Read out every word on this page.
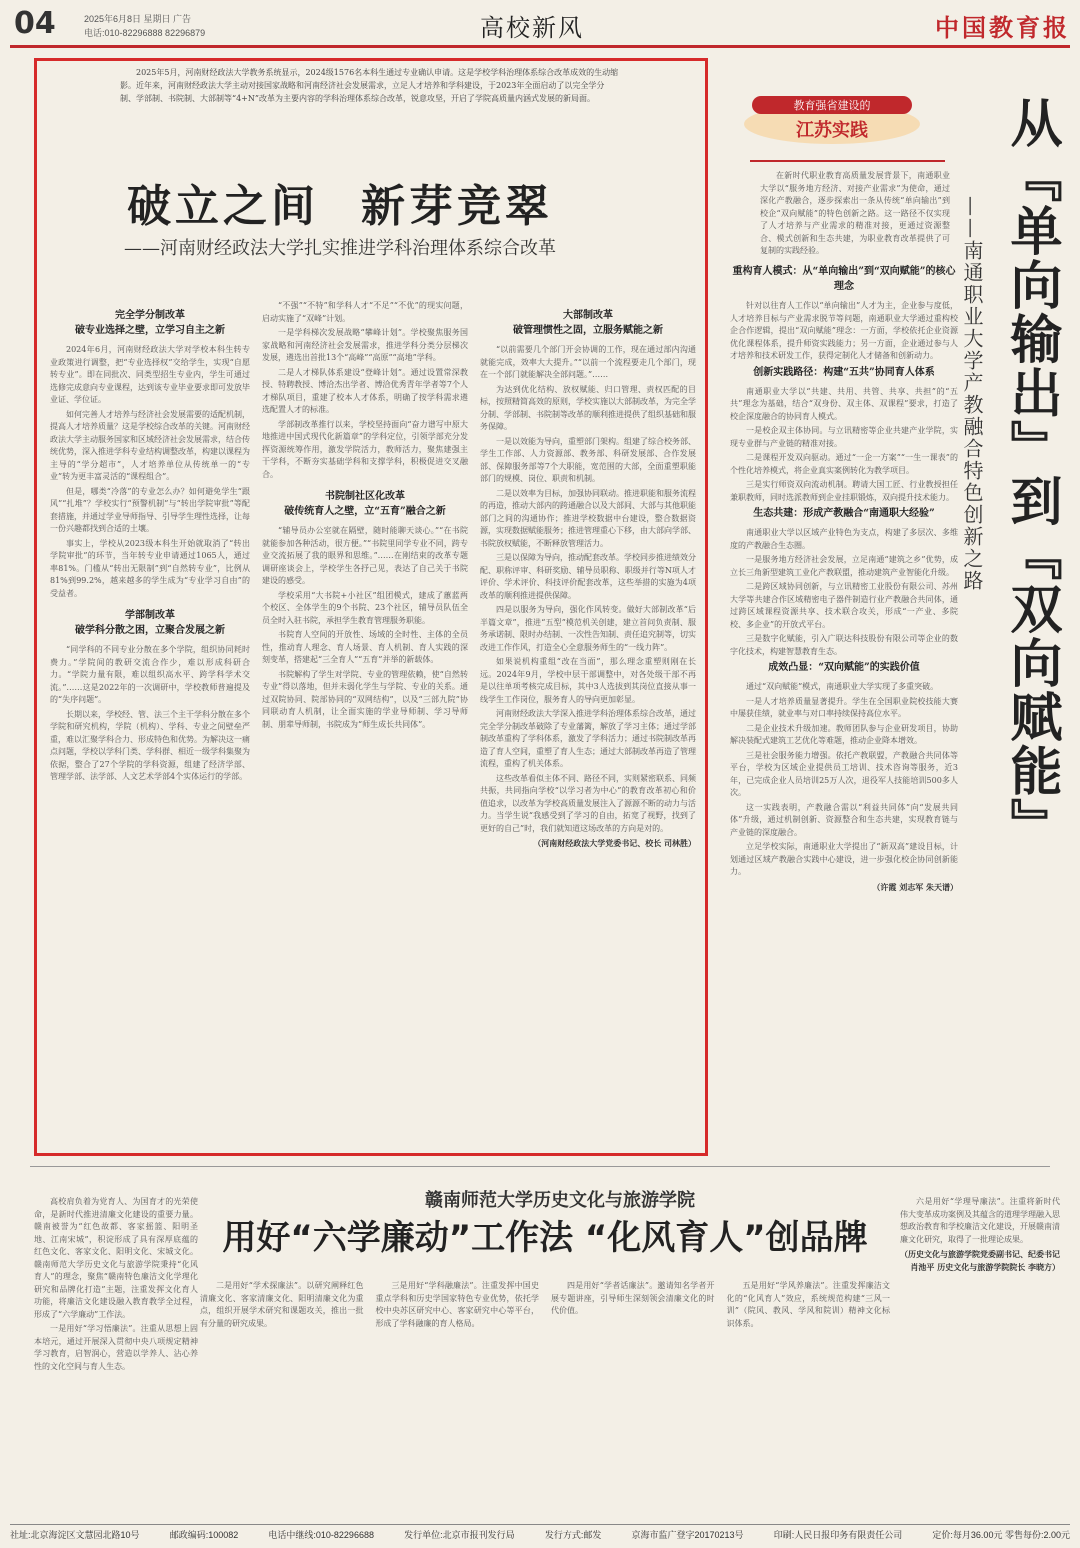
04	2025年6月8日 星期日 广告
电话:010-82296888 82296879	高校新风	中国教育报
2025年5月，河南财经政法大学教务系统显示，2024级1576名本科生通过专业确认申请。这是学校学科治理体系综合改革成效的生动缩影。近年来，河南财经政法大学主动对接国家战略和河南经济社会发展需求，立足人才培养和学科建设，于2023年全面启动了以完全学分制、学部制、书院制、大部制等“4+N”改革为主要内容的学科治理体系综合改革，锐意攻坚，开启了学院高质量内涵式发展的新局面。
破立之间 新芽竞翠
——河南财经政法大学扎实推进学科治理体系综合改革
完全学分制改革
破专业选择之壁，立学习自主之新

2024年6月，河南财经政法大学对学校本科生转专业政策进行调整，把“专业选择权”交给学生，实现“自愿转专业”。即在同批次、同类型招生专业内，学生可通过选修完成意向专业课程，达到该专业毕业要求即可发放毕业证、学位证。

如何完善人才培养与经济社会发展需要的适配机制，提高人才培养质量？这是学校综合改革的关键。河南财经政法大学主动服务国家和区域经济社会发展需求，结合传统优势，深入推进学科专业结构调整改革，构建以课程为主导的“学分超市”，人才培养单位从传统单一的“专业”转为更丰富灵活的“课程组合”。

但是，哪类“冷落”的专业怎么办？如何避免学生“跟风”“扎堆”？学校实行“预警机制”与“转出学院审批”等配套措施，并通过学业导师指导、引导学生理性选择，让每一份兴趣都找到合适的土壤。

事实上，学校从2023级本科生开始就取消了“转出学院审批”的环节，当年转专业申请通过1065人，通过率81%。门槛从“转出无限制”到“自然转专业”，比例从81%到99.2%，越来越多的学生成为“专业学习自由”的受益者。

学部制改革
破学科分散之困，立聚合发展之新

“同学科的不同专业分散在多个学院，组织协同耗时费力。”学院间的教研交流合作少，难以形成科研合力。“学院力量有限，难以组织高水平、跨学科学术交流。”……这是2022年的一次调研中，学校教师普遍提及的“失序问题”。

长期以来，学校经、管、法三个主干学科分散在多个学院和研究机构，学院（机构）、学科、专业之间壁垒严重，难以汇聚学科合力、形成特色和优势。为解决这一痛点问题，学校以学科门类、学科群、相近一级学科集聚为依据，整合了27个学院的学科资源，组建了经济学部、管理学部、法学部、人文艺术学部4个实体运行的学部。

“不强”“不特”和学科人才“不足”“不优”的现实问题，启动实施了“双峰”计划。

一是学科梯次发展战略“攀峰计划”。学校聚焦服务国家战略和河南经济社会发展需求，推进学科分类分层梯次发展，遴选出首批13个“高峰”“高原”“高地”学科。

二是人才梯队体系建设“登峰计划”。通过设置常深教授、特聘教授、博洽杰出学者、博洽优秀青年学者等7个人才梯队项目，重建了校本人才体系，明确了按学科需求遴选配置人才的标准。

学部制改革推行以来，学校坚持面向“奋力谱写中原大地推进中国式现代化新篇章”的学科定位，引领学部充分发挥资源统筹作用，激发学院活力，教师活力，聚焦建强主干学科，不断夯实基础学科和支撑学科，积极促进交叉融合。

书院制社区化改革
破传统育人之壁，立“五育”融合之新

“辅导员办公室就在隔壁，随时能聊天谈心。”“在书院就能参加各种活动，很方便。”“书院里同学专业不同，跨专业交流拓展了我的眼界和思维。”……在刚结束的改革专题调研座谈会上，学校学生各抒己见，表达了自己关于书院建设的感受。

学校采用“大书院+小社区”组团模式，建成了蕙蓝两个校区、全体学生的9个书院、23个社区，辅导员队伍全员全时入驻书院，承担学生教育管理服务职能。

书院育人空间的开放性、场域的全时性、主体的全员性，推动育人理念、育人场景、育人机制、育人实践的深刻变革，搭建起“三全育人”“五育”并举的新载体。

书院解构了学生对学院、专业的管理依赖，使“自然转专业”得以落地，但并未弱化学生与学院、专业的关系。通过双院协同、院部协同的“双网结构”，以及“三部九院”协同联动育人机制，让全面实施的学业导师制、学习导师制、朋辈导师制，书院成为“师生成长共同体”。

大部制改革
破管理惯性之固，立服务赋能之新

“以前需要几个部门开会协调的工作，现在通过部内沟通就能完成，效率大大提升。”“以前一个流程要走几个部门，现在一个部门就能解决全部问题。”……

为达到优化结构、放权赋能、归口管理、责权匹配的目标，按照精简高效的原则，学校实施以大部制改革，为完全学分制、学部制、书院制等改革的顺利推进提供了组织基础和服务保障。

一是以效能为导向，重塑部门架构。组建了综合校务部、学生工作部、人力资源部、教务部、科研发展部、合作发展部、保障服务部等7个大职能，宽范围的大部，全面重塑职能部门的规模、岗位、职责和机制。

二是以效率为目标，加强协同联动。推进职能和服务流程的再造，推动大部内的跨通融合以及大部间、大部与其他职能部门之间的沟通协作；推进学校数据中台建设，整合数据资源，实现数据赋能服务；推进管理重心下移，由大部向学部、书院放权赋能，不断释放管理活力。

三是以保障为导向，推动配套改革。学校同步推进绩效分配、职称评审、科研奖励、辅导员职称、职级并行等N项人才评价、学术评价、科技评价配套改革，这些举措的实施为4项改革的顺利推进提供保障。

四是以服务为导向，强化作风转变。做好大部制改革“后半篇文章”，推进“五型”模范机关创建，建立首问负责制、服务承诺制、限时办结制、一次性告知制、责任追究制等，切实改进工作作风，打造全心全意服务师生的“一线力阵”。

如果说机构重组“改在当面”，那么理念重塑则刚在长远。2024年9月，学校中层干部调整中，对各处级干部不再是以往单项考核完成目标，其中3人选拔到其岗位直接从事一线学生工作岗位，服务育人的导向更加彰显。

河南财经政法大学深入推进学科治理体系综合改革，通过完全学分制改革破除了专业藩篱，解放了学习主体；通过学部制改革重构了学科体系，激发了学科活力；通过书院制改革再造了育人空间，重塑了育人生态；通过大部制改革再造了管理流程，重构了机关体系。

这些改革看似主体不同、路径不同，实则紧密联系、同频共振，共同指向学校“以学习者为中心”的教育改革初心和价值追求，以改革为学校高质量发展注入了源源不断的动力与活力。当学生说“我感受到了学习的自由，拓宽了视野，找到了更好的自己”时，我们就知道这场改革的方向是对的。

（河南财经政法大学党委书记、校长 司林胜）

教育强省建设的
江苏实践	从『单向输出』到『双向赋能』
——南通职业大学产教融合特色创新之路

在新时代职业教育高质量发展背景下，南通职业大学以“服务地方经济、对接产业需求”为使命，通过深化产教融合，逐步探索出一条从传统“单向输出”到校企“双向赋能”的特色创新之路。这一路径不仅实现了人才培养与产业需求的精准对接，更通过资源整合、模式创新和生态共建，为职业教育改革提供了可复制的实践经验。

重构育人模式：从“单向输出”到“双向赋能”的核心理念

针对以往育人工作以“单向输出”人才为主，企业参与度低，人才培养目标与产业需求脱节等问题，南通职业大学通过重构校企合作逻辑，提出“双向赋能”理念：一方面，学校依托企业资源优化课程体系，提升师资实践能力；另一方面，企业通过参与人才培养和技术研发工作，获得定制化人才储备和创新动力。

创新实践路径：构建“五共”协同育人体系

南通职业大学以“共建、共用、共管、共享、共担”的“五共”理念为基础，结合“双身份、双主体、双课程”要求，打造了校企深度融合的协同育人模式。

一是校企双主体协同。与立讯精密等企业共建产业学院，实现专业群与产业链的精准对接。

二是课程开发双向驱动。通过“一企一方案”“一生一课表”的个性化培养模式，将企业真实案例转化为教学项目。

三是实行师资双向流动机制。聘请大国工匠、行业教授担任兼职教师，同时选派教师到企业挂职锻炼，双向提升技术能力。

生态共建：形成产教融合“南通职大经验”

南通职业大学以区域产业特色为支点，构建了多层次、多维度的产教融合生态圈。

一是服务地方经济社会发展，立足南通“建筑之乡”优势，成立长三角新型建筑工业化产教联盟，推动建筑产业智能化升级。

二是跨区域协同创新，与立讯精密工业股份有限公司、苏州大学等共建合作区域精密电子器件制造行业产教融合共同体，通过跨区域课程资源共享、技术联合攻关，形成“一产业、多院校、多企业”的开放式平台。

三是数字化赋能，引入广联达科技股份有限公司等企业的数字化技术，构建智慧教育生态。

成效凸显：“双向赋能”的实践价值

通过“双向赋能”模式，南通职业大学实现了多重突破。

一是人才培养质量显著提升。学生在全国职业院校技能大赛中屡获佳绩，就业率与对口率持续保持高位水平。

二是企业技术升级加速。教师团队参与企业研发项目，协助解决装配式建筑工艺优化等难题，推动企业降本增效。

三是社会服务能力增强。依托产教联盟，产教融合共同体等平台，学校为区域企业提供员工培训、技术咨询等服务，近3年，已完成企业人员培训25万人次，退役军人技能培训500多人次。

这一实践表明，产教融合需以“利益共同体”向“发展共同体”升级，通过机制创新、资源整合和生态共建，实现教育链与产业链的深度融合。

立足学校实际，南通职业大学提出了“新双高”建设目标，计划通过区域产教融合实践中心建设，进一步强化校企协同创新能力。

（许霞 刘志军 朱天谱）

赣南师范大学历史文化与旅游学院
用好“六学廉动”工作法 “化风育人”创品牌

高校肩负着为党育人、为国育才的光荣使命，是新时代推进清廉文化建设的重要力量。赣南被誉为“红色故都、客家摇篮、阳明圣地、江南宋城”，积淀形成了具有深厚底蕴的红色文化、客家文化、阳明文化、宋城文化。赣南师范大学历史文化与旅游学院秉持“化风育人”的理念，聚焦“赣南特色廉洁文化学理化研究和品牌化打造”主题，注重发挥文化育人功能，将廉洁文化建设融入教育教学全过程，形成了“六学廉动”工作法。

一是用好“学习悟廉法”。注重从思想上固本培元，通过开展深入贯彻中央八项规定精神学习教育，启智润心，营造以学养人、沾心养性的文化空间与育人生态。

二是用好“学术探廉法”。以研究阐释红色清廉文化、客家清廉文化、阳明清廉文化为重点，组织开展学术研究和课题攻关，推出一批有分量的研究成果。

三是用好“学科融廉法”。注重发挥中国史重点学科和历史学国家特色专业优势，依托学校中央苏区研究中心、客家研究中心等平台，形成了学科融廉的育人格局。

四是用好“学者话廉法”。邀请知名学者开展专题讲座，引导师生深刻领会清廉文化的时代价值。

五是用好“学风养廉法”。注重发挥廉洁文化的“化风育人”效应，系统规范构建“三风一训”（院风、教风、学风和院训）精神文化标识体系。

六是用好“学理导廉法”。注重将新时代伟大变革成功案例及其蕴含的道理学理融入思想政治教育和学校廉洁文化建设，开展赣南清廉文化研究，取得了一批理论成果。

（历史文化与旅游学院党委副书记、纪委书记 肖池平 历史文化与旅游学院院长 李晓方）

社址:北京海淀区文慧园北路10号	邮政编码:100082	电话中继线:010-82296688	发行单位:北京市报刊发行局	发行方式:邮发	京海市监广登字20170213号	印刷:人民日报印务有限责任公司	定价:每月36.00元 零售每份:2.00元
